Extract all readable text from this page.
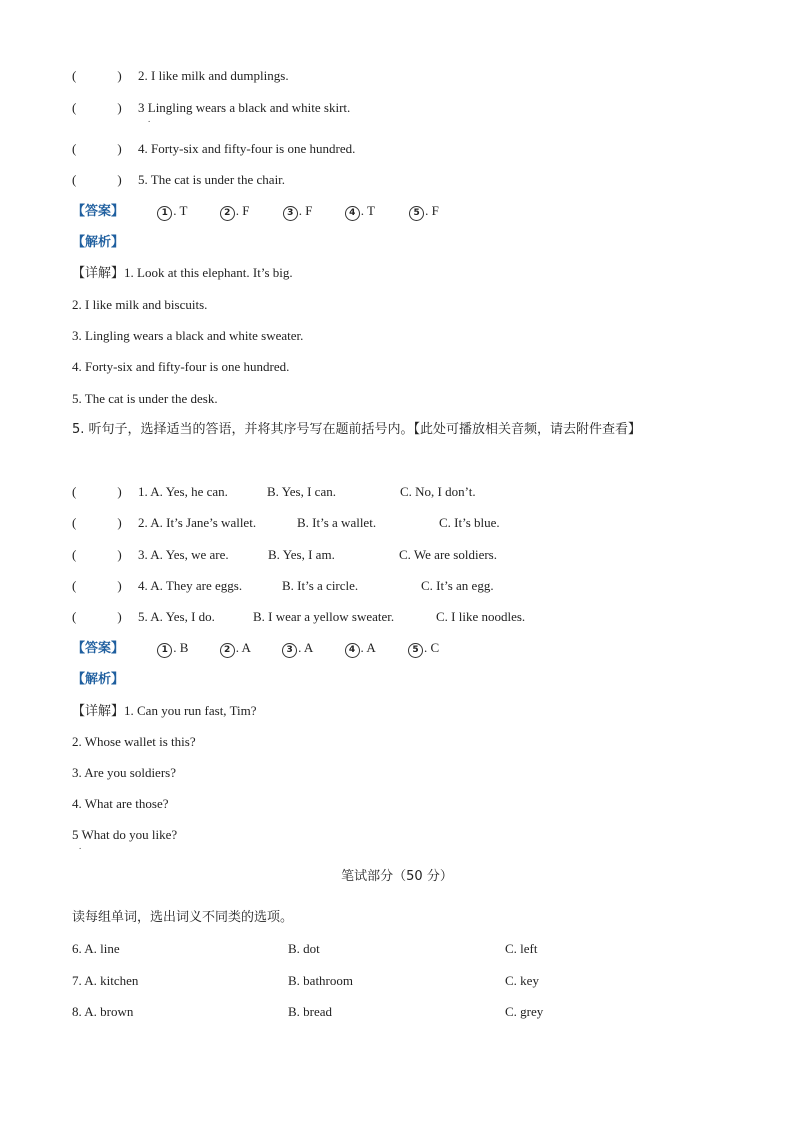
(	) 2. I like milk and dumplings.
(	) 3 Lingling wears a black and white skirt.
.
(	) 4. Forty-six and fifty-four is one hundred.
(	) 5. The cat is under the chair.
【答案】	1 . T	2 . F	3 . F	4 . T	5 . F
【解析】
【详解】1. Look at this elephant. It’s big.
2. I like milk and biscuits.
3. Lingling wears a black and white sweater.
4. Forty-six and fifty-four is one hundred.
5. The cat is under the desk.
5. 听句子，选择适当的答语，并将其序号写在题前括号内。【此处可播放相关音频，请去附件查看】
(	) 1. A. Yes, he can.	B. Yes, I can.	C. No, I don’t.
(	) 2. A. It’s Jane’s wallet.	B. It’s a wallet.	C. It’s blue.
(	) 3. A. Yes, we are.	B. Yes, I am.	C. We are soldiers.
(	) 4. A. They are eggs.	B. It’s a circle.	C. It’s an egg.
(	) 5. A. Yes, I do.	B. I wear a yellow sweater.	C. I like noodles.
【答案】	1 . B	2 . A	3 . A	4 . A	5 . C
【解析】
【详解】1. Can you run fast, Tim?
2. Whose wallet is this?
3. Are you soldiers?
4. What are those?
5 What do you like?
.
笔试部分（50 分）
读每组单词，选出词义不同类的选项。
6. A. line	B. dot	C. left
7. A. kitchen	B. bathroom	C. key
8. A. brown	B. bread	C. grey
